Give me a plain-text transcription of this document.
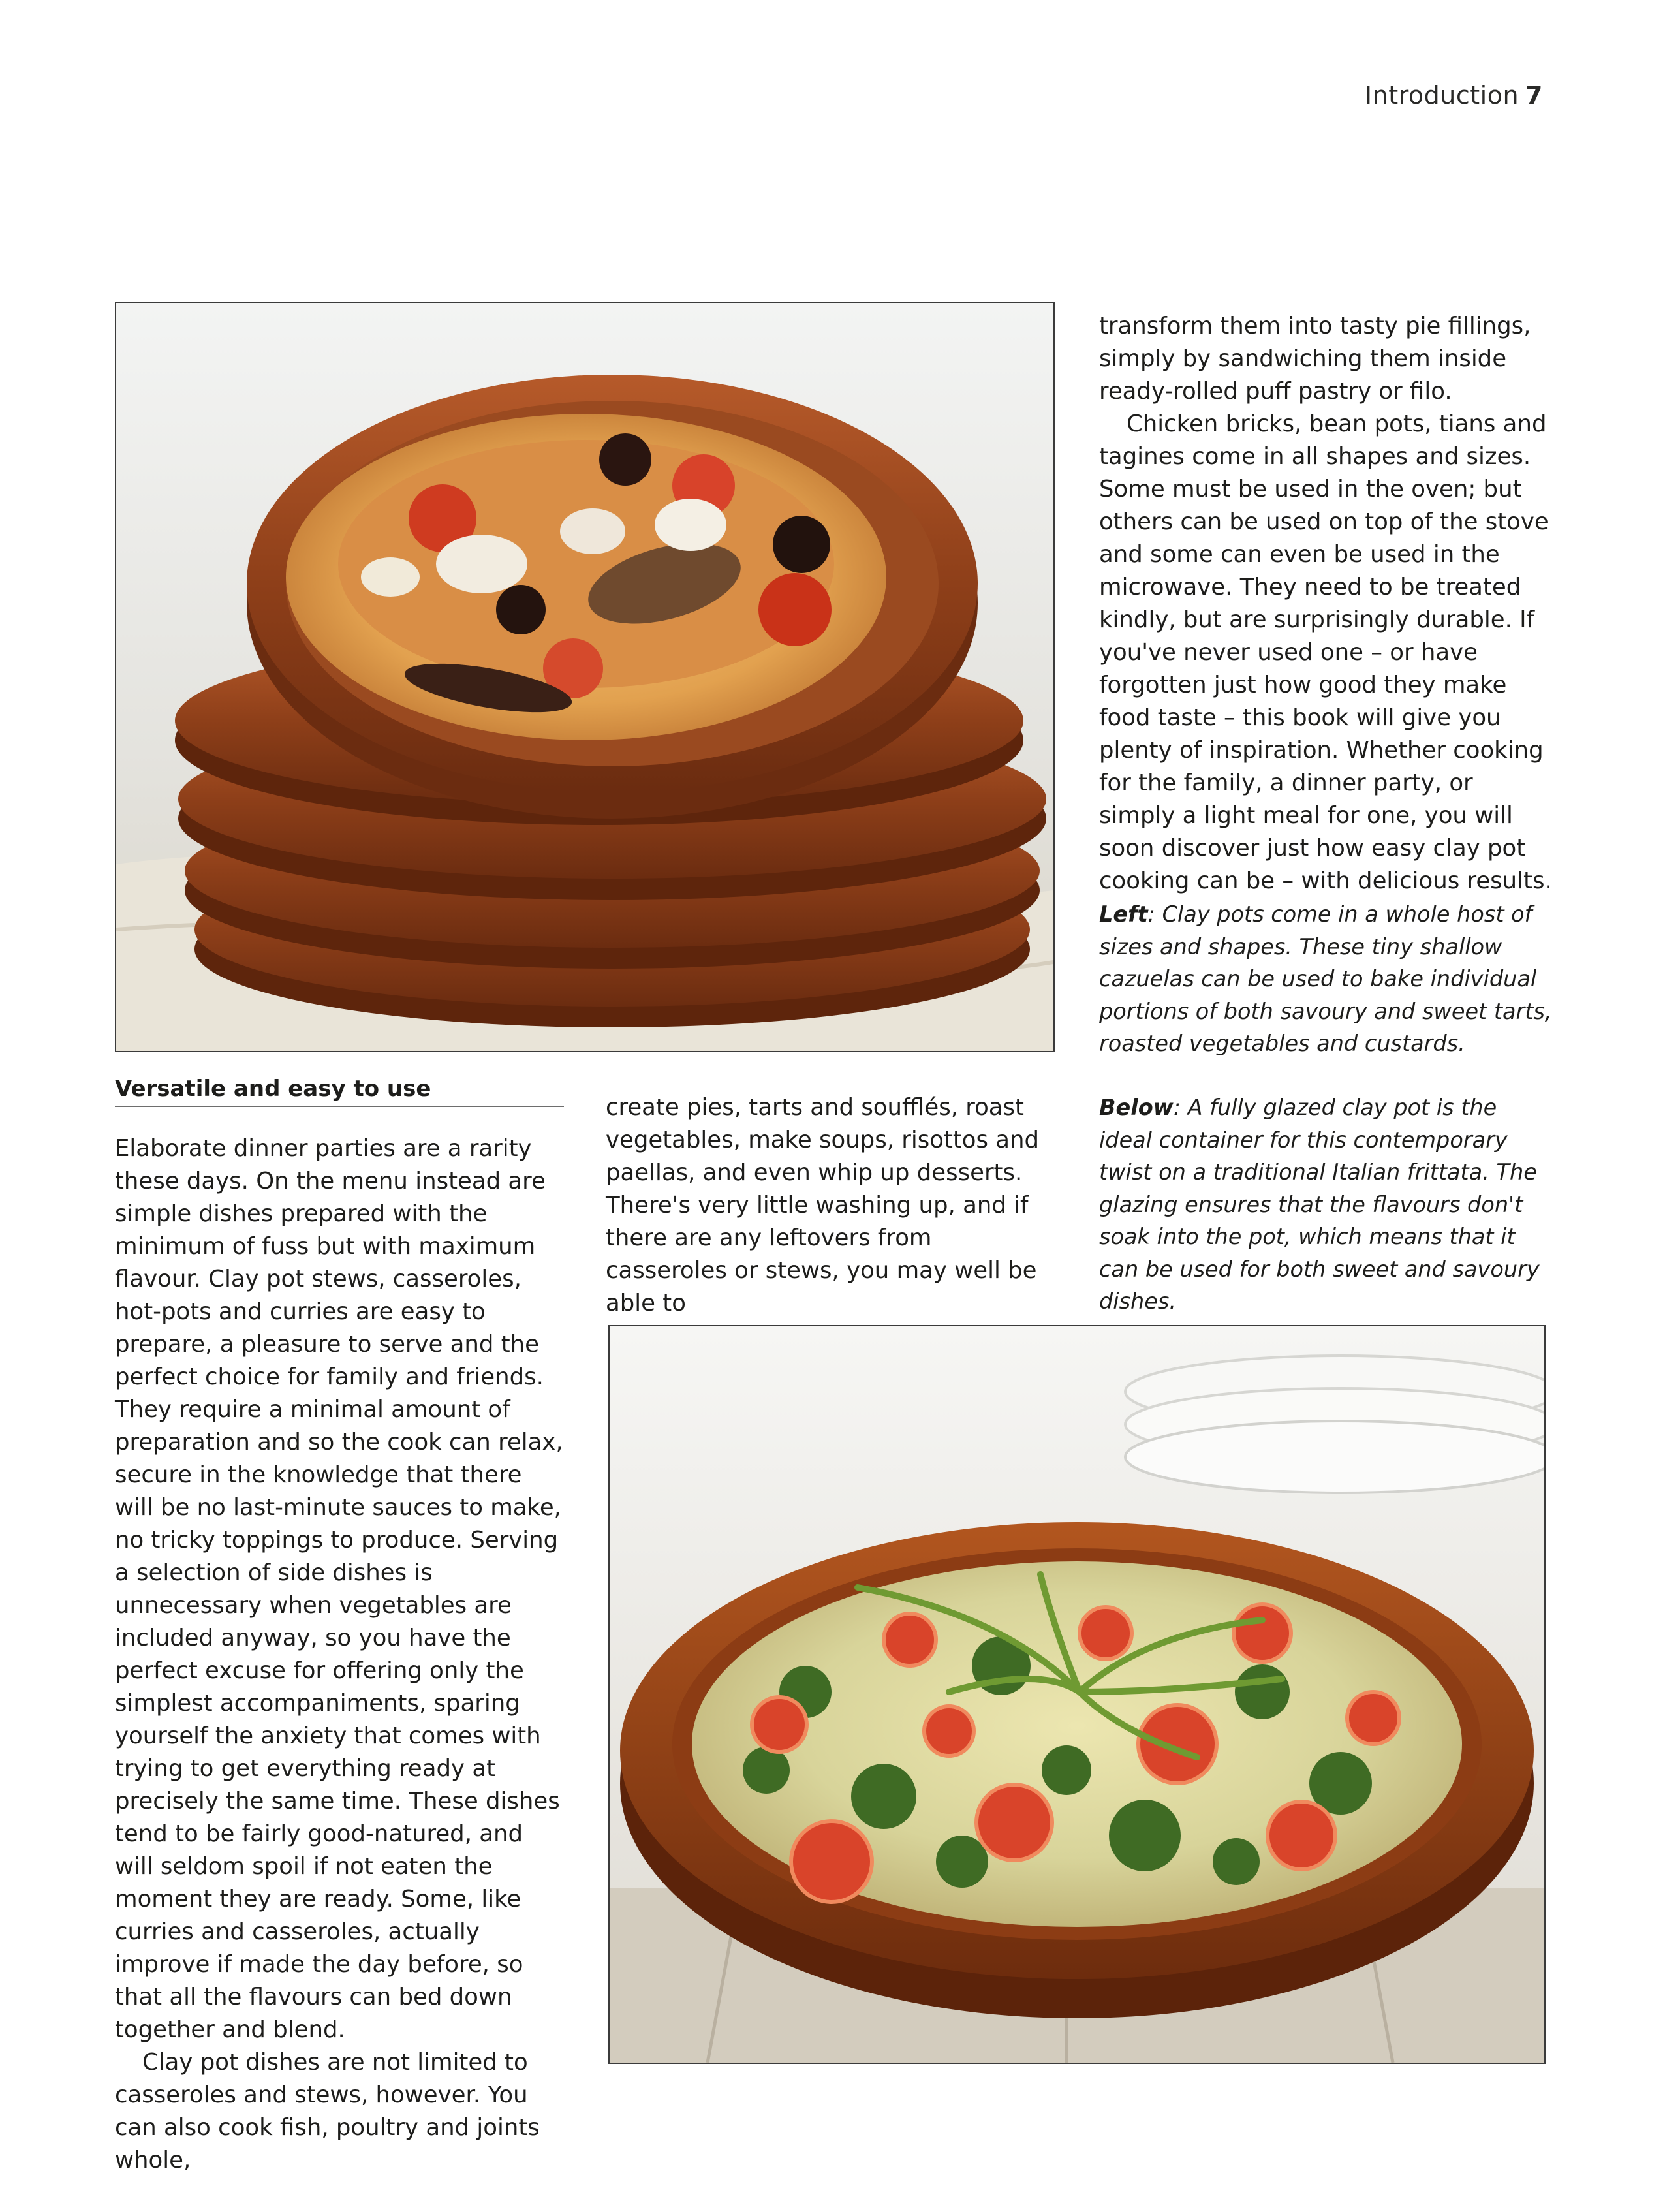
Introduction 7

transform them into tasty pie fillings, simply by sandwiching them inside ready-rolled puff pastry or filo.

Chicken bricks, bean pots, tians and tagines come in all shapes and sizes. Some must be used in the oven; but others can be used on top of the stove and some can even be used in the microwave. They need to be treated kindly, but are surprisingly durable. If you've never used one – or have forgotten just how good they make food taste – this book will give you plenty of inspiration. Whether cooking for the family, a dinner party, or simply a light meal for one, you will soon discover just how easy clay pot cooking can be – with delicious results.

Left: Clay pots come in a whole host of sizes and shapes. These tiny shallow cazuelas can be used to bake individual portions of both savoury and sweet tarts, roasted vegetables and custards.
Below: A fully glazed clay pot is the ideal container for this contemporary twist on a traditional Italian frittata. The glazing ensures that the flavours don't soak into the pot, which means that it can be used for both sweet and savoury dishes.
Versatile and easy to use

Elaborate dinner parties are a rarity these days. On the menu instead are simple dishes prepared with the minimum of fuss but with maximum flavour. Clay pot stews, casseroles, hot-pots and curries are easy to prepare, a pleasure to serve and the perfect choice for family and friends. They require a minimal amount of preparation and so the cook can relax, secure in the knowledge that there will be no last-minute sauces to make, no tricky toppings to produce. Serving a selection of side dishes is unnecessary when vegetables are included anyway, so you have the perfect excuse for offering only the simplest accompaniments, sparing yourself the anxiety that comes with trying to get everything ready at precisely the same time. These dishes tend to be fairly good-natured, and will seldom spoil if not eaten the moment they are ready. Some, like curries and casseroles, actually improve if made the day before, so that all the flavours can bed down together and blend.

Clay pot dishes are not limited to casseroles and stews, however. You can also cook fish, poultry and joints whole,

create pies, tarts and soufflés, roast vegetables, make soups, risottos and paellas, and even whip up desserts. There's very little washing up, and if there are any leftovers from casseroles or stews, you may well be able to
